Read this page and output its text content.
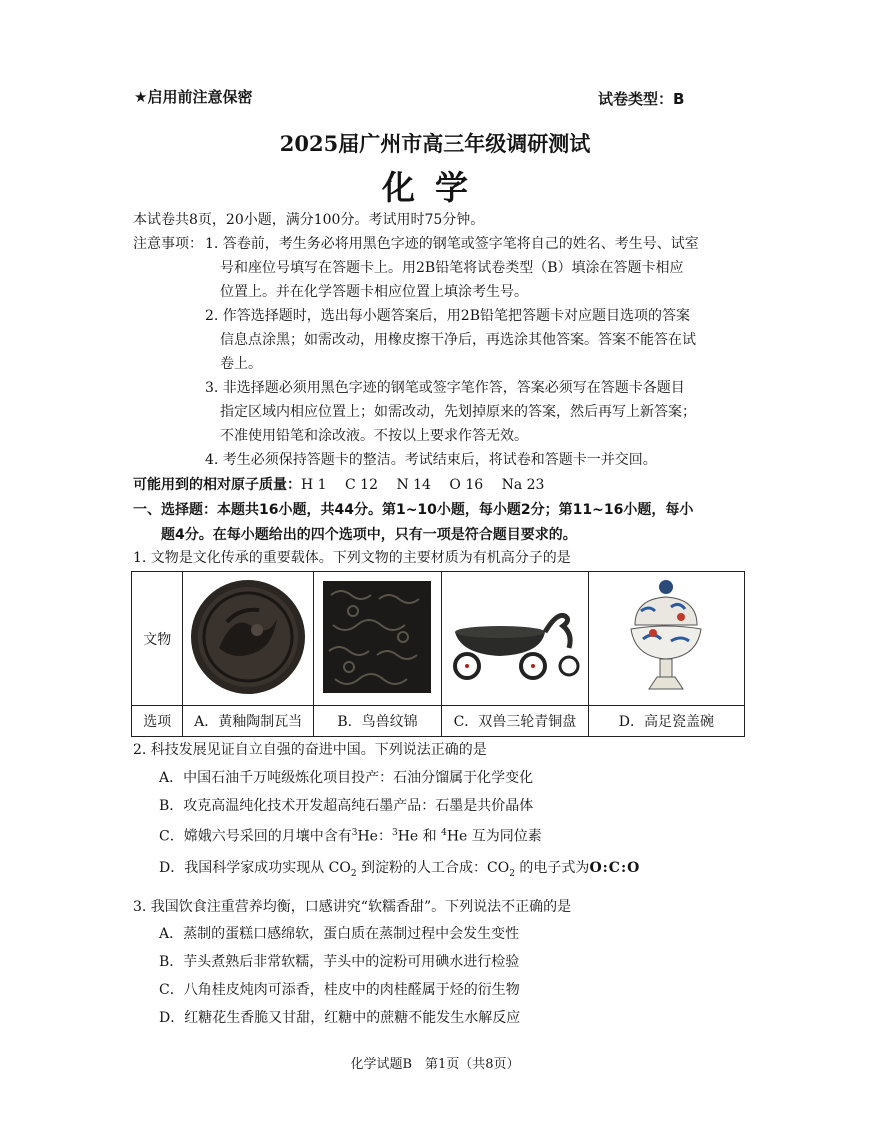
★启用前注意保密	试卷类型：B
2025届广州市高三年级调研测试
化学
本试卷共8页，20小题，满分100分。考试用时75分钟。
注意事项： 1. 答卷前，考生务必将用黑色字迹的钢笔或签字笔将自己的姓名、考生号、试室
号和座位号填写在答题卡上。用2B铅笔将试卷类型（B）填涂在答题卡相应
位置上。并在化学答题卡相应位置上填涂考生号。
2. 作答选择题时，选出每小题答案后，用2B铅笔把答题卡对应题目选项的答案
信息点涂黑；如需改动，用橡皮擦干净后，再选涂其他答案。答案不能答在试
卷上。
3. 非选择题必须用黑色字迹的钢笔或签字笔作答，答案必须写在答题卡各题目
指定区域内相应位置上；如需改动，先划掉原来的答案，然后再写上新答案；
不准使用铅笔和涂改液。不按以上要求作答无效。
4. 考生必须保持答题卡的整洁。考试结束后，将试卷和答题卡一并交回。
可能用到的相对原子质量：H 1　 C 12　 N 14　 O 16　 Na 23
一、选择题：本题共16小题，共44分。第1~10小题，每小题2分；第11~16小题，每小
题4分。在每小题给出的四个选项中，只有一项是符合题目要求的。
1. 文物是文化传承的重要载体。下列文物的主要材质为有机高分子的是
文物				
选项	A．黄釉陶制瓦当	B．鸟兽纹锦	C．双兽三轮青铜盘	D．高足瓷盖碗
2. 科技发展见证自立自强的奋进中国。下列说法正确的是
A．中国石油千万吨级炼化项目投产：石油分馏属于化学变化
B．攻克高温纯化技术开发超高纯石墨产品：石墨是共价晶体
C．嫦娥六号采回的月壤中含有$^3$He：$^3$He 和 $^4$He 互为同位素
D．我国科学家成功实现从 $CO_2$ 到淀粉的人工合成：$CO_2$ 的电子式为O:C:O
3. 我国饮食注重营养均衡，口感讲究“软糯香甜”。下列说法不正确的是
A．蒸制的蛋糕口感绵软，蛋白质在蒸制过程中会发生变性
B．芋头煮熟后非常软糯，芋头中的淀粉可用碘水进行检验
C．八角桂皮炖肉可添香，桂皮中的肉桂醛属于烃的衍生物
D．红糖花生香脆又甘甜，红糖中的蔗糖不能发生水解反应
化学试题B　第1页（共8页）
